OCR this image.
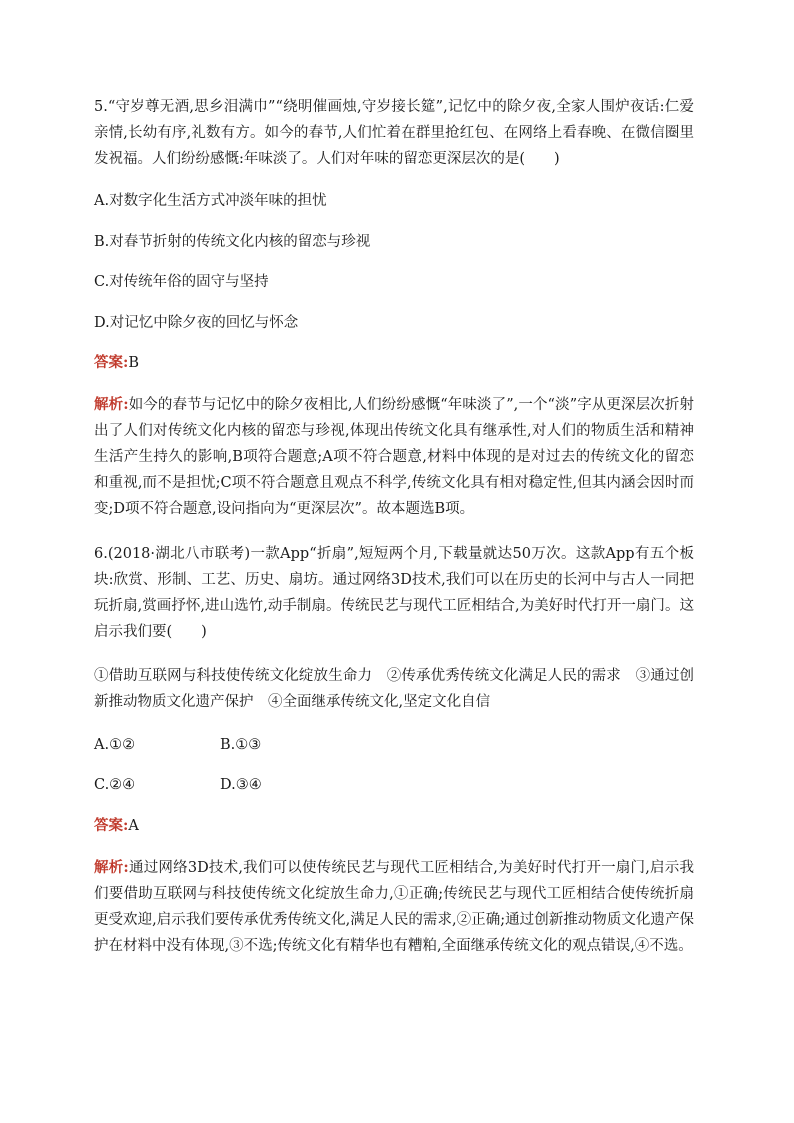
5.“守岁尊无酒,思乡泪满巾”“绕明催画烛,守岁接长筵”,记忆中的除夕夜,全家人围炉夜话:仁爱亲情,长幼有序,礼数有方。如今的春节,人们忙着在群里抢红包、在网络上看春晚、在微信圈里发祝福。人们纷纷感慨:年味淡了。人们对年味的留恋更深层次的是(　　)
A.对数字化生活方式冲淡年味的担忧
B.对春节折射的传统文化内核的留恋与珍视
C.对传统年俗的固守与坚持
D.对记忆中除夕夜的回忆与怀念
答案:B
解析:如今的春节与记忆中的除夕夜相比,人们纷纷感慨“年味淡了”,一个“淡”字从更深层次折射出了人们对传统文化内核的留恋与珍视,体现出传统文化具有继承性,对人们的物质生活和精神生活产生持久的影响,B项符合题意;A项不符合题意,材料中体现的是对过去的传统文化的留恋和重视,而不是担忧;C项不符合题意且观点不科学,传统文化具有相对稳定性,但其内涵会因时而变;D项不符合题意,设问指向为“更深层次”。故本题选B项。
6.(2018·湖北八市联考)一款App“折扇”,短短两个月,下载量就达50万次。这款App有五个板块:欣赏、形制、工艺、历史、扇坊。通过网络3D技术,我们可以在历史的长河中与古人一同把玩折扇,赏画抒怀,进山选竹,动手制扇。传统民艺与现代工匠相结合,为美好时代打开一扇门。这启示我们要(　　)
①借助互联网与科技使传统文化绽放生命力　②传承优秀传统文化满足人民的需求　③通过创新推动物质文化遗产保护　④全面继承传统文化,坚定文化自信
A.①②	B.①③
C.②④	D.③④
答案:A
解析:通过网络3D技术,我们可以使传统民艺与现代工匠相结合,为美好时代打开一扇门,启示我们要借助互联网与科技使传统文化绽放生命力,①正确;传统民艺与现代工匠相结合使传统折扇更受欢迎,启示我们要传承优秀传统文化,满足人民的需求,②正确;通过创新推动物质文化遗产保护在材料中没有体现,③不选;传统文化有精华也有糟粕,全面继承传统文化的观点错误,④不选。
